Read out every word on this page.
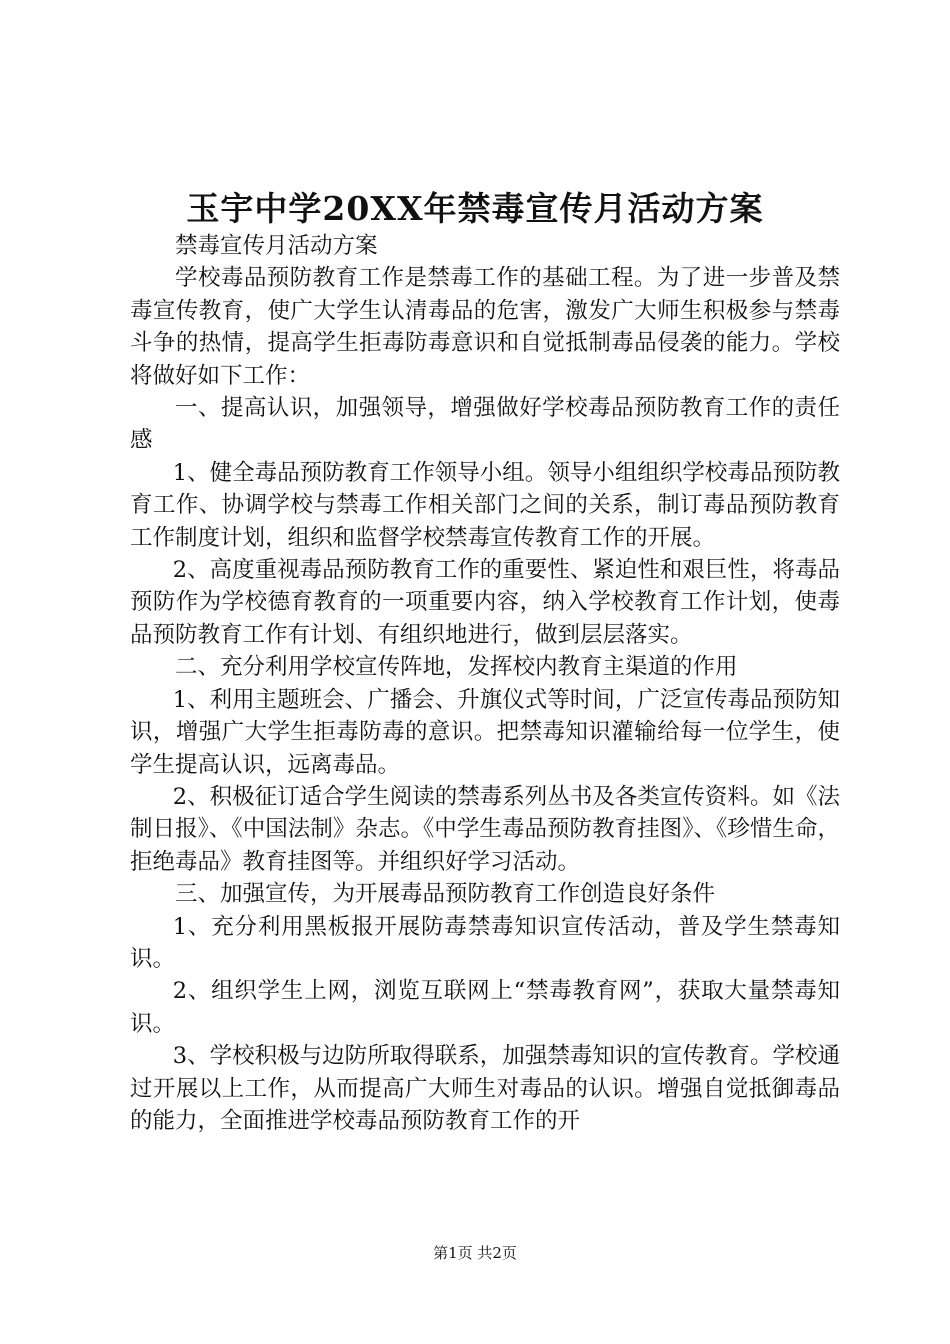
玉宇中学20XX年禁毒宣传月活动方案

禁毒宣传月活动方案

学校毒品预防教育工作是禁毒工作的基础工程。为了进一步普及禁毒宣传教育，使广大学生认清毒品的危害，激发广大师生积极参与禁毒斗争的热情，提高学生拒毒防毒意识和自觉抵制毒品侵袭的能力。学校将做好如下工作：

一、提高认识，加强领导，增强做好学校毒品预防教育工作的责任感

1、健全毒品预防教育工作领导小组。领导小组组织学校毒品预防教育工作、协调学校与禁毒工作相关部门之间的关系，制订毒品预防教育工作制度计划，组织和监督学校禁毒宣传教育工作的开展。

2、高度重视毒品预防教育工作的重要性、紧迫性和艰巨性，将毒品预防作为学校德育教育的一项重要内容，纳入学校教育工作计划，使毒品预防教育工作有计划、有组织地进行，做到层层落实。

二、充分利用学校宣传阵地，发挥校内教育主渠道的作用

1、利用主题班会、广播会、升旗仪式等时间，广泛宣传毒品预防知识，增强广大学生拒毒防毒的意识。把禁毒知识灌输给每一位学生，使学生提高认识，远离毒品。

2、积极征订适合学生阅读的禁毒系列丛书及各类宣传资料。如《法制日报》、《中国法制》杂志。《中学生毒品预防教育挂图》、《珍惜生命，拒绝毒品》教育挂图等。并组织好学习活动。

三、加强宣传，为开展毒品预防教育工作创造良好条件

1、充分利用黑板报开展防毒禁毒知识宣传活动，普及学生禁毒知识。

2、组织学生上网，浏览互联网上“禁毒教育网”，获取大量禁毒知识。

3、学校积极与边防所取得联系，加强禁毒知识的宣传教育。学校通过开展以上工作，从而提高广大师生对毒品的认识。增强自觉抵御毒品的能力，全面推进学校毒品预防教育工作的开

第1页 共2页
